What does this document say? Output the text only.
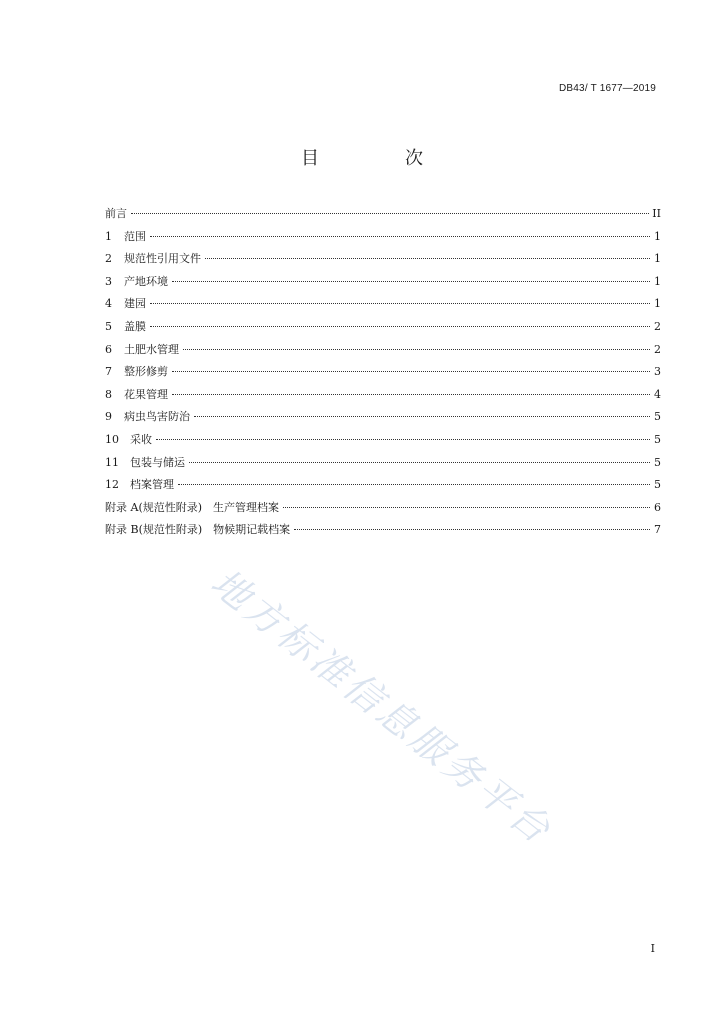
DB43/ T 1677—2019
目　次
前言	II
1 范围	1
2 规范性引用文件	1
3 产地环境	1
4 建园	1
5 盖膜	2
6 土肥水管理	2
7 整形修剪	3
8 花果管理	4
9 病虫鸟害防治	5
10 采收	5
11 包装与储运	5
12 档案管理	5
附录 A(规范性附录)　生产管理档案	6
附录 B(规范性附录)　物候期记载档案	7
地方标准信息服务平台
I
